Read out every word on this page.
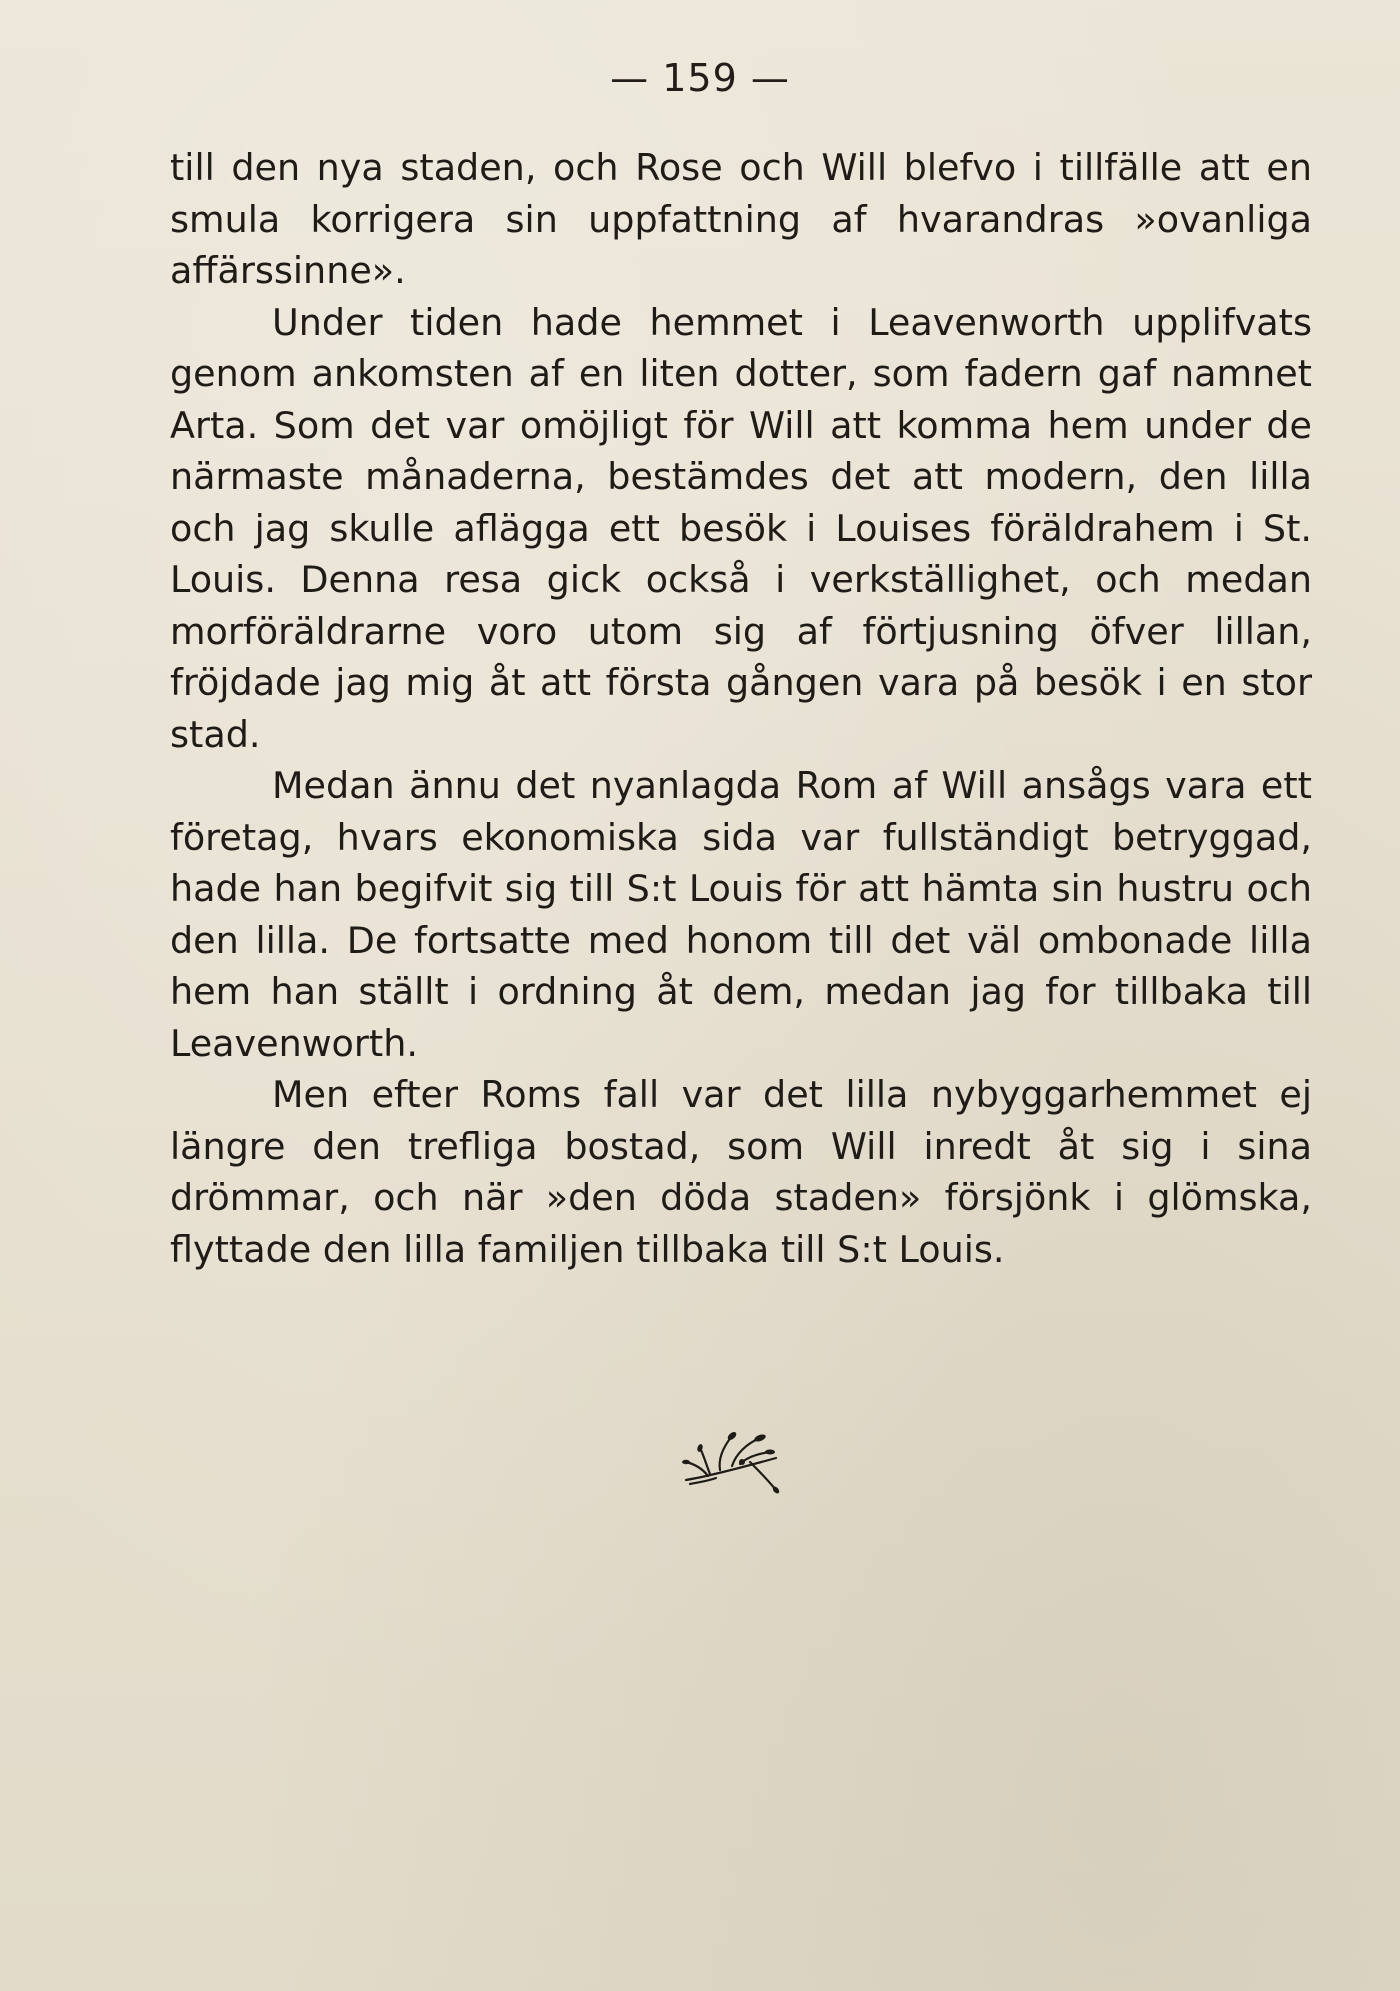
— 159 —

till den nya staden, och Rose och Will blefvo i tillfälle att en smula korrigera sin uppfattning af hvarandras »ovanliga affärssinne».

Under tiden hade hemmet i Leavenworth upplifvats genom ankomsten af en liten dotter, som fadern gaf namnet Arta. Som det var omöjligt för Will att komma hem under de närmaste månaderna, bestämdes det att modern, den lilla och jag skulle aflägga ett besök i Louises föräldrahem i St. Louis. Denna resa gick också i verkställighet, och medan morföräldrarne voro utom sig af förtjusning öfver lillan, fröjdade jag mig åt att första gången vara på besök i en stor stad.

Medan ännu det nyanlagda Rom af Will ansågs vara ett företag, hvars ekonomiska sida var fullständigt betryggad, hade han begifvit sig till S:t Louis för att hämta sin hustru och den lilla. De fortsatte med honom till det väl ombonade lilla hem han ställt i ordning åt dem, medan jag for tillbaka till Leavenworth.

Men efter Roms fall var det lilla nybyggarhemmet ej längre den trefliga bostad, som Will inredt åt sig i sina drömmar, och när »den döda staden» försjönk i glömska, flyttade den lilla familjen tillbaka till S:t Louis.
